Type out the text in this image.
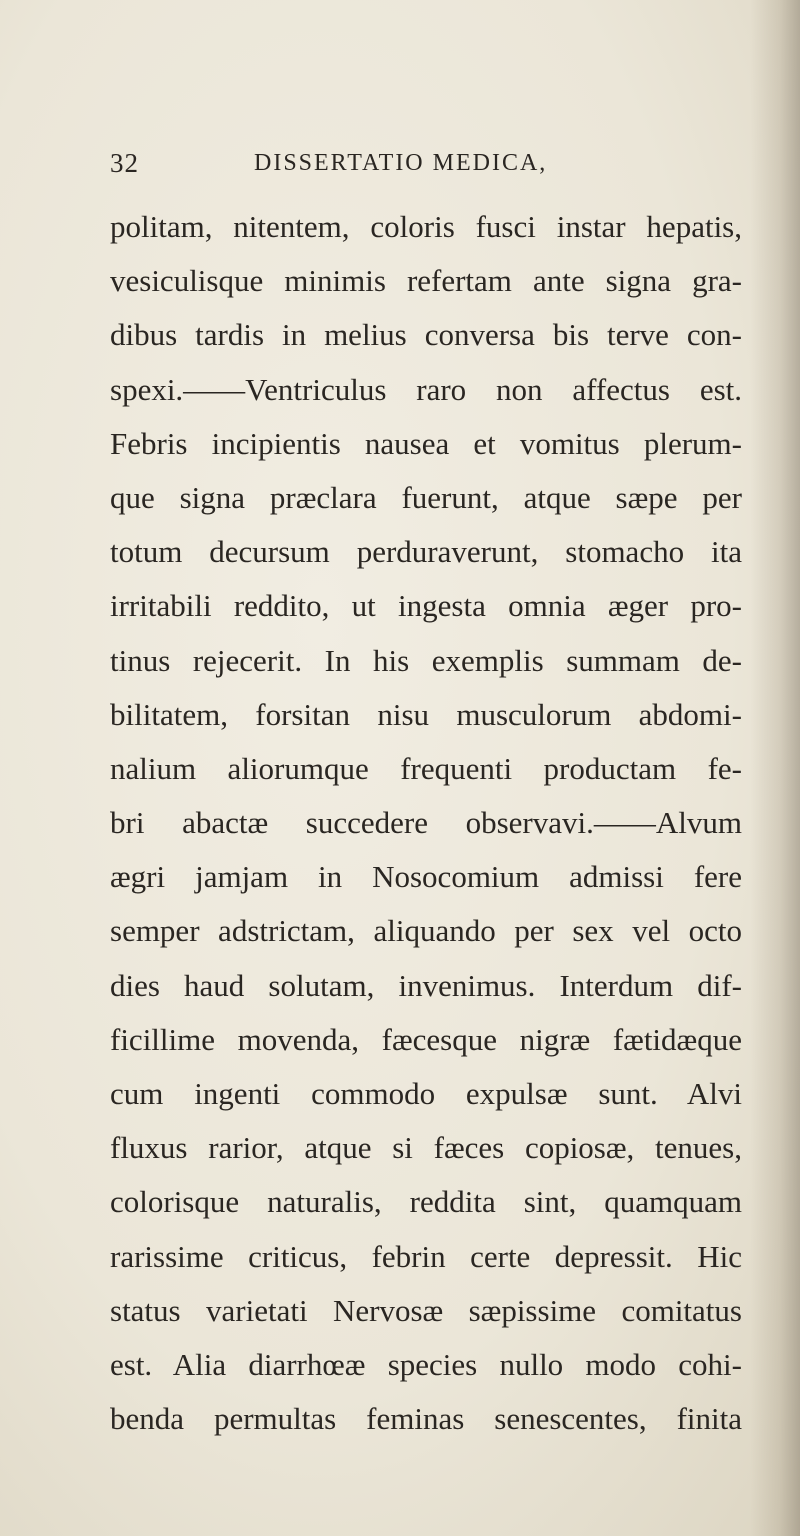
32	DISSERTATIO MEDICA,
politam, nitentem, coloris fusci instar hepatis,
vesiculisque minimis refertam ante signa gra-
dibus tardis in melius conversa bis terve con-
spexi.——Ventriculus raro non affectus est.
Febris incipientis nausea et vomitus plerum-
que signa præclara fuerunt, atque sæpe per
totum decursum perduraverunt, stomacho ita
irritabili reddito, ut ingesta omnia æger pro-
tinus rejecerit. In his exemplis summam de-
bilitatem, forsitan nisu musculorum abdomi-
nalium aliorumque frequenti productam fe-
bri abactæ succedere observavi.——Alvum
ægri jamjam in Nosocomium admissi fere
semper adstrictam, aliquando per sex vel octo
dies haud solutam, invenimus. Interdum dif-
ficillime movenda, fæcesque nigræ fætidæque
cum ingenti commodo expulsæ sunt. Alvi
fluxus rarior, atque si fæces copiosæ, tenues,
colorisque naturalis, reddita sint, quamquam
rarissime criticus, febrin certe depressit. Hic
status varietati Nervosæ sæpissime comitatus
est. Alia diarrhœæ species nullo modo cohi-
benda permultas feminas senescentes, finita
